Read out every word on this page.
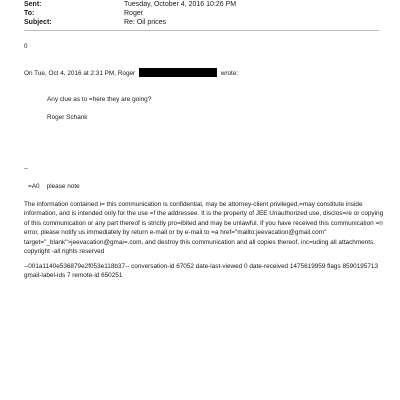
Sent:	Tuesday, October 4, 2016 10:26 PM
To:	Roger
Subject:	Re: Oil prices
0
On Tue, Oct 4, 2016 at 2:31 PM, Roger	wrote:
Any clue as to =here they are going?
Roger Schank
--
=A0    please note

The information contained i= this communication is confidential, may be attorney-client privileged,=may constitute inside information, and is intended only for the use =f the addressee. It is the property of JEE Unauthorized use, disclos=re or copying of this communication or any part thereof is strictly pro=ibited and may be unlawful. If you have received this communication =n error, please notify us immediately by return e-mail or by e-mail to =a href="mailto:jeevacation@gmail.com" target="_blank">jeevacation@gmai=.com, and destroy this communication and all copies thereof, inc=uding all attachments. copyright -all rights reserved

--001a1140e536879e2f053e118b37-- conversation-id 67052 date-last-viewed 0 date-received 1475619959 flags 8590195713 gmail-label-ids 7 remote-id 650251
